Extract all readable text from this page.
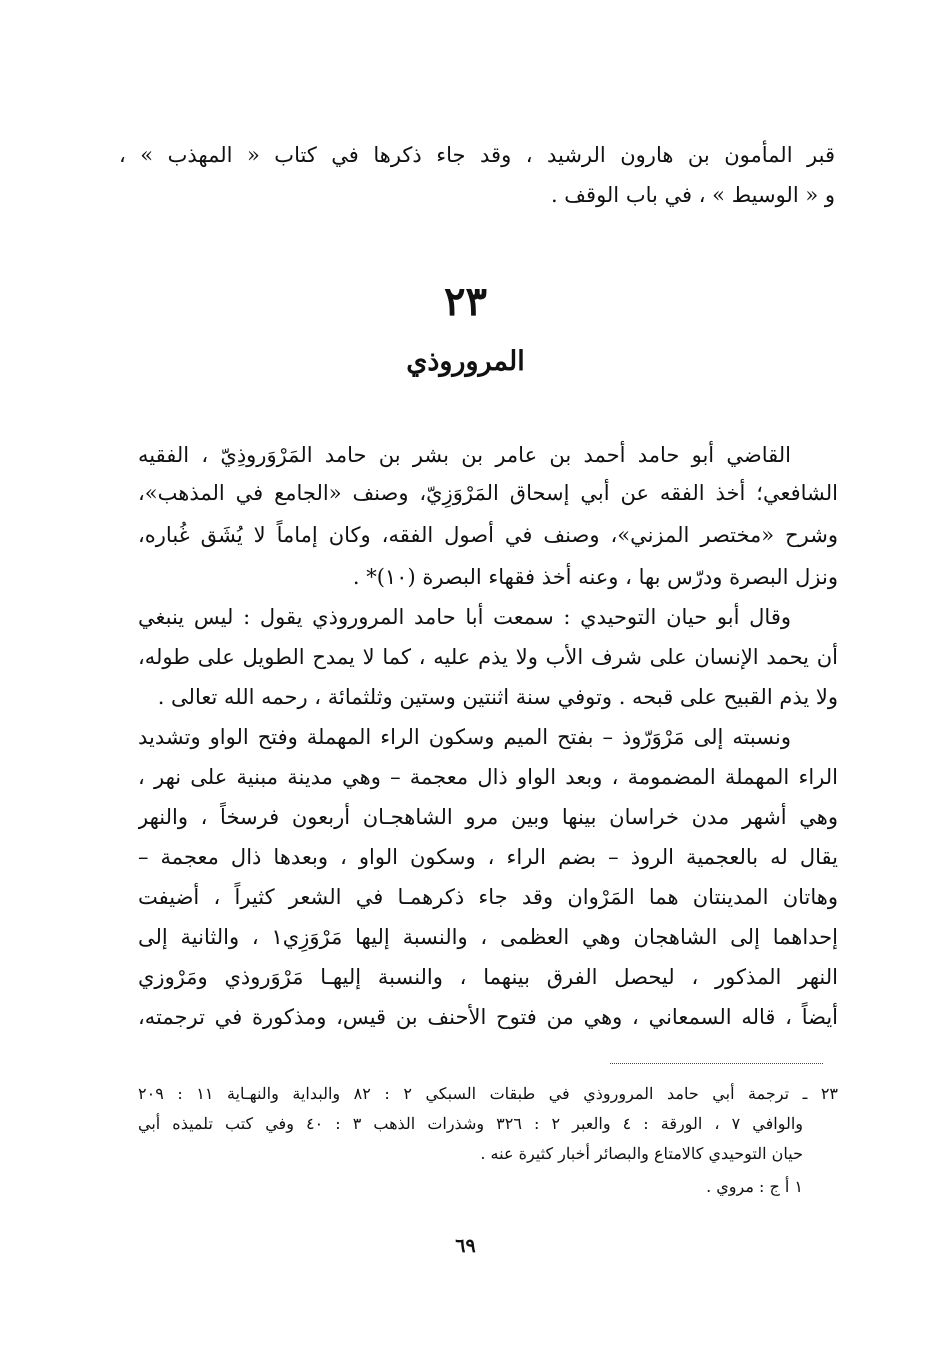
قبر المأمون بن هارون الرشيد ، وقد جاء ذكرها في كتاب « المهذب » ،
و « الوسيط » ، في باب الوقف .
٢٣
المروروذي
القاضي أبو حامد أحمد بن عامر بن بشر بن حامد المَرْوَروذِيّ ، الفقيه
الشافعي؛ أخذ الفقه عن أبي إسحاق المَرْوَزِيّ، وصنف «الجامع في المذهب»،
وشرح «مختصر المزني»، وصنف في أصول الفقه، وكان إماماً لا يُشَق غُباره،
ونزل البصرة ودرّس بها ، وعنه أخذ فقهاء البصرة (١٠)* .
وقال أبو حيان التوحيدي : سمعت أبا حامد المروروذي يقول : ليس ينبغي
أن يحمد الإنسان على شرف الأب ولا يذم عليه ، كما لا يمدح الطويل على طوله،
ولا يذم القبيح على قبحه . وتوفي سنة اثنتين وستين وثلثمائة ، رحمه الله تعالى .
ونسبته إلى مَرْوَرّوذ – بفتح الميم وسكون الراء المهملة وفتح الواو وتشديد
الراء المهملة المضمومة ، وبعد الواو ذال معجمة – وهي مدينة مبنية على نهر ،
وهي أشهر مدن خراسان بينها وبين مرو الشاهجـان أربعون فرسخاً ، والنهر
يقال له بالعجمية الروذ – بضم الراء ، وسكون الواو ، وبعدها ذال معجمة –
وهاتان المدينتان هما المَرْوان وقد جاء ذكرهمـا في الشعر كثيراً ، أضيفت
إحداهما إلى الشاهجان وهي العظمى ، والنسبة إليها مَرْوَزِي١ ، والثانية إلى
النهر المذكور ، ليحصل الفرق بينهما ، والنسبة إليهـا مَرْوَروذي ومَرْوزي
أيضاً ، قاله السمعاني ، وهي من فتوح الأحنف بن قيس، ومذكورة في ترجمته،
٢٣ ـ ترجمة أبي حامد المروروذي في طبقات السبكي ٢ : ٨٢ والبداية والنهـاية ١١ : ٢٠٩
والوافي ٧ ، الورقة : ٤ والعبر ٢ : ٣٢٦ وشذرات الذهب ٣ : ٤٠ وفي كتب تلميذه أبي
حيان التوحيدي كالامتاع والبصائر أخبار كثيرة عنه .
١ أ ج : مروي .
٦٩
